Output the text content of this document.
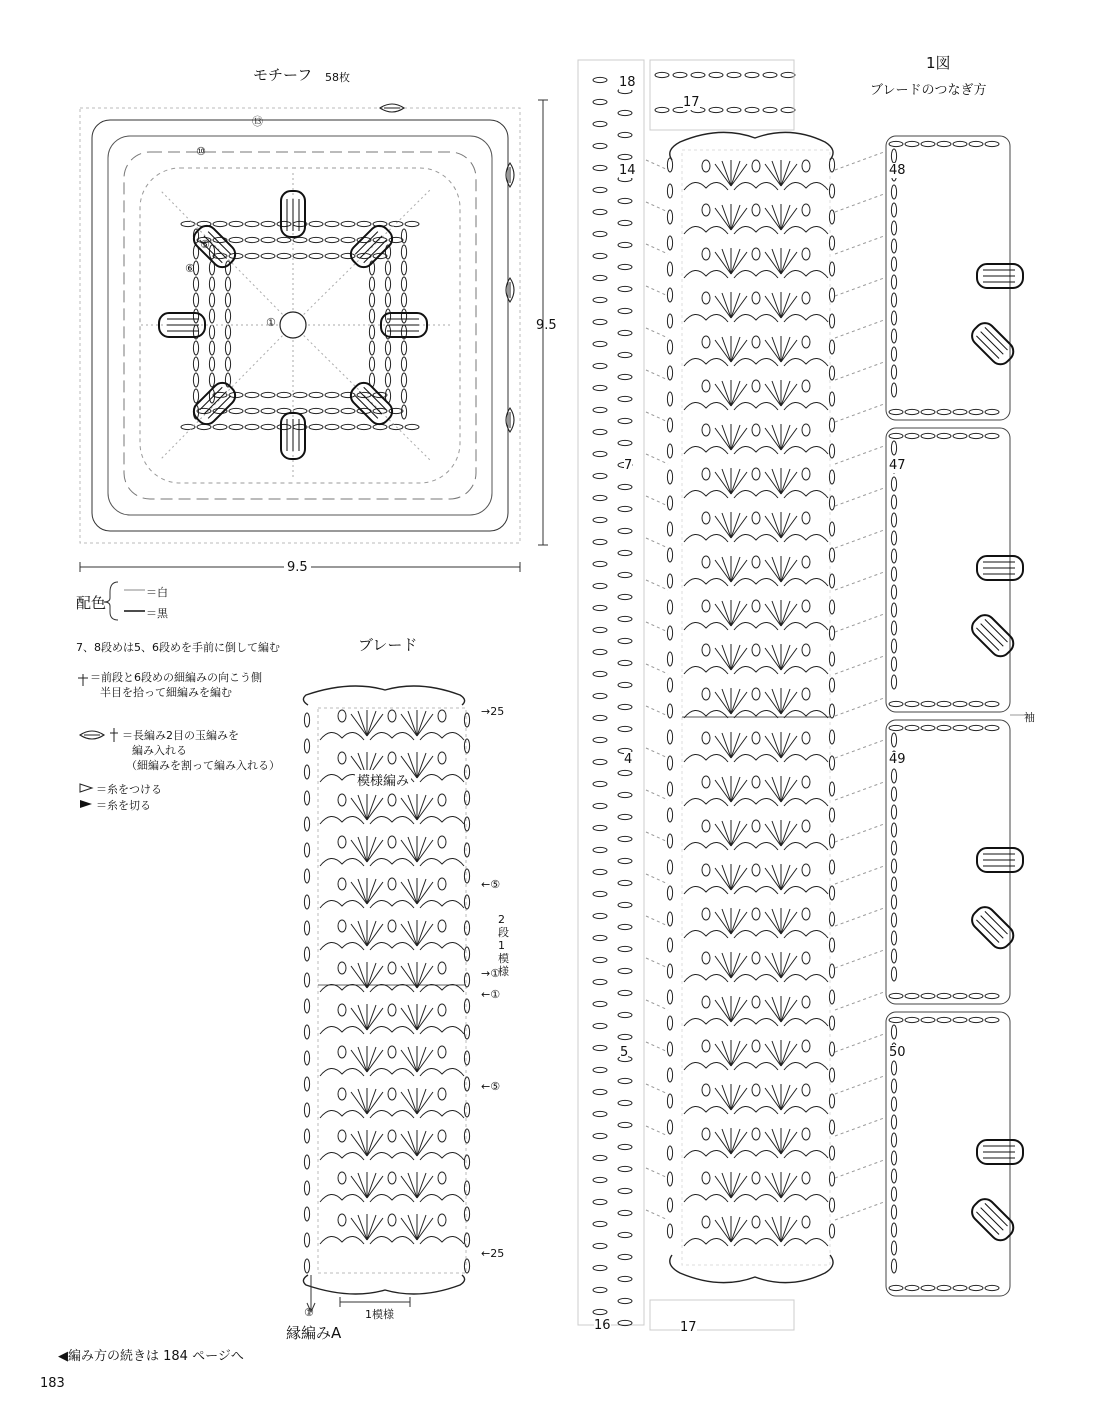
モチーフ 58枚
9.5
9.5
①
⑤
⑥
⑩
⑬
配色
＝白
＝黒
7、8段めは5、6段めを手前に倒して編む
＝前段と6段めの細編みの向こう側
半目を拾って細編みを編む
＝長編み2目の玉編みを
編み入れる
（細編みを割って編み入れる）
＝糸をつける
＝糸を切る
ブレード
模様編み
→25
←⑤
2段1模様
→①
←①
←⑤
←25
①	1模様
縁編みA
1図
ブレードのつなぎ方
袖
18
14
7
4
5
16
17
17
48
47
49
50
◀編み方の続きは 184 ページへ
183
